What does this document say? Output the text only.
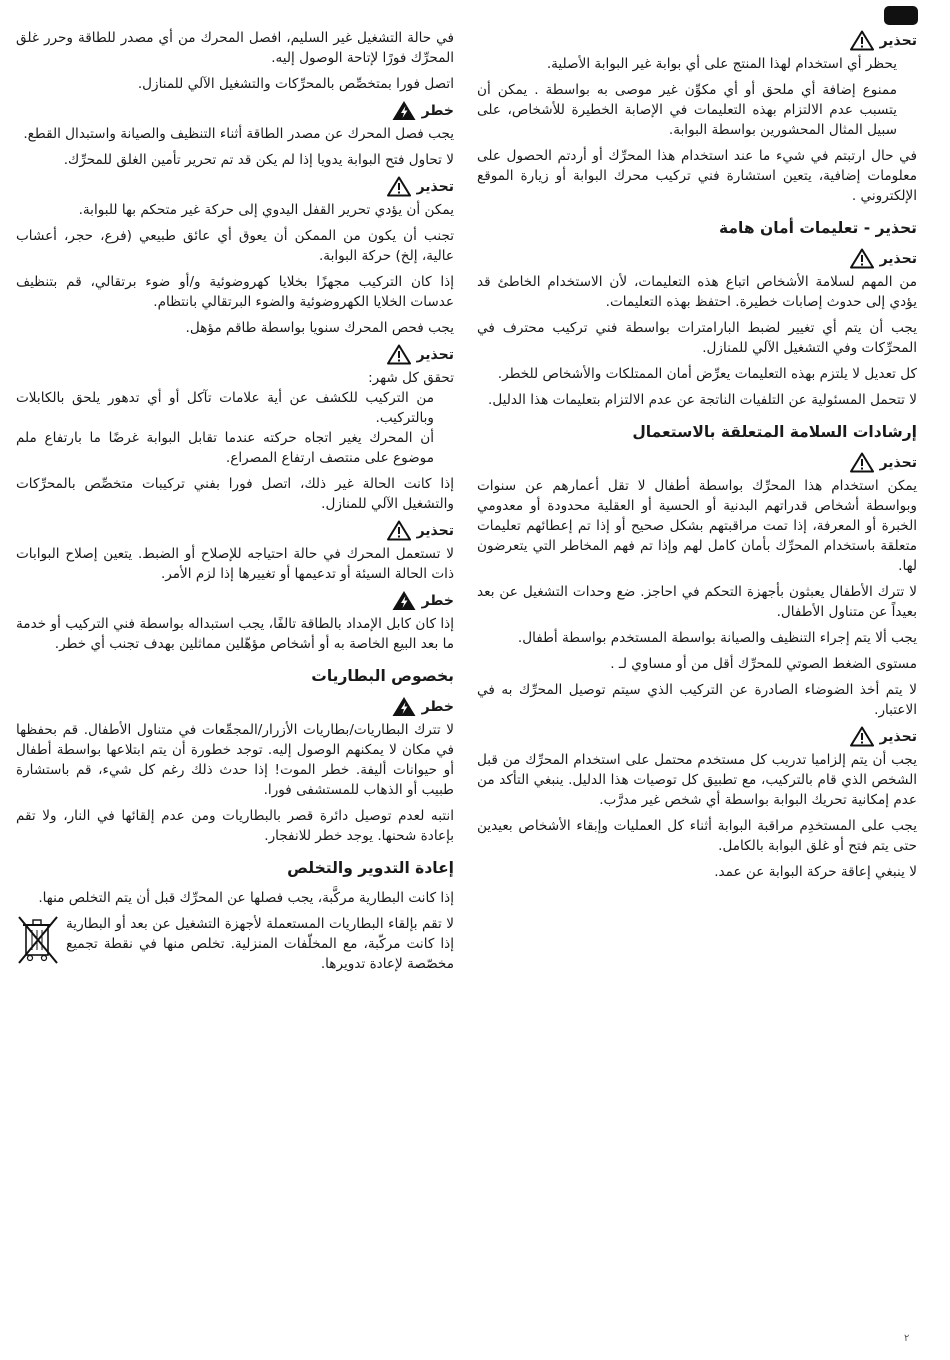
تحذير

يحظر أي استخدام لهذا المنتج على أي بوابة غير البوابة الأصلية.

ممنوع إضافة أي ملحق أو أي مكوِّن غير موصى به بواسطة . يمكن أن يتسبب عدم الالتزام بهذه التعليمات في الإصابة الخطيرة للأشخاص، على سبيل المثال المحشورين بواسطة البوابة.

في حال ارتبتم في شيء ما عند استخدام هذا المحرِّك أو أردتم الحصول على معلومات إضافية، يتعين استشارة فني تركيب محرك البوابة أو زيارة الموقع الإلكتروني .

تحذير - تعليمات أمان هامة
تحذير

من المهم لسلامة الأشخاص اتباع هذه التعليمات، لأن الاستخدام الخاطئ قد يؤدي إلى حدوث إصابات خطيرة. احتفظ بهذه التعليمات.

يجب أن يتم أي تغيير لضبط البارامترات بواسطة فني تركيب محترف في المحرِّكات وفي التشغيل الآلي للمنازل.

كل تعديل لا يلتزم بهذه التعليمات يعرِّض أمان الممتلكات والأشخاص للخطر.

لا تتحمل المسئولية عن التلفيات الناتجة عن عدم الالتزام بتعليمات هذا الدليل.

إرشادات السلامة المتعلقة بالاستعمال
تحذير

يمكن استخدام هذا المحرِّك بواسطة أطفال لا تقل أعمارهم عن سنوات وبواسطة أشخاص قدراتهم البدنية أو الحسية أو العقلية محدودة أو معدومي الخبرة أو المعرفة، إذا تمت مراقبتهم بشكل صحيح أو إذا تم إعطائهم تعليمات متعلقة باستخدام المحرِّك بأمان كامل لهم وإذا تم فهم المخاطر التي يتعرضون لها.

لا تترك الأطفال يعبثون بأجهزة التحكم في احاجز. ضع وحدات التشغيل عن بعد بعيداً عن متناول الأطفال.

يجب ألا يتم إجراء التنظيف والصيانة بواسطة المستخدم بواسطة أطفال.

مستوى الضغط الصوتي للمحرِّك أقل من أو مساوي لـ .

لا يتم أخذ الضوضاء الصادرة عن التركيب الذي سيتم توصيل المحرِّك به في الاعتبار.

تحذير

يجب أن يتم إلزاميا تدريب كل مستخدم محتمل على استخدام المحرِّك من قبل الشخص الذي قام بالتركيب، مع تطبيق كل توصيات هذا الدليل. ينبغي التأكد من عدم إمكانية تحريك البوابة بواسطة أي شخص غير مدرَّب.

يجب على المستخدِم مراقبة البوابة أثناء كل العمليات وإبقاء الأشخاص بعيدين حتى يتم فتح أو غلق البوابة بالكامل.

لا ينبغي إعاقة حركة البوابة عن عمد.

في حالة التشغيل غير السليم، افصل المحرك من أي مصدر للطاقة وحرر غلق المحرِّك فورًا لإتاحة الوصول إليه.

اتصل فورا بمتخصِّص بالمحرِّكات والتشغيل الآلي للمنازل.

خطر

يجب فصل المحرك عن مصدر الطاقة أثناء التنظيف والصيانة واستبدال القطع.

لا تحاول فتح البوابة يدويا إذا لم يكن قد تم تحرير تأمين الغلق للمحرِّك.

تحذير

يمكن أن يؤدي تحرير القفل اليدوي إلى حركة غير متحكم بها للبوابة.

تجنب أن يكون من الممكن أن يعوق أي عائق طبيعي (فرع، حجر، أعشاب عالية، إلخ) حركة البوابة.

إذا كان التركيب مجهزًا بخلايا كهروضوئية و/أو ضوء برتقالي، قم بتنظيف عدسات الخلايا الكهروضوئية والضوء البرتقالي بانتظام.

يجب فحص المحرك سنويا بواسطة طاقم مؤهل.

تحذير

تحقق كل شهر:

من التركيب للكشف عن أية علامات تآكل أو أي تدهور يلحق بالكابلات وبالتركيب.

أن المحرك يغير اتجاه حركته عندما تقابل البوابة غرضًا ما بارتفاع ملم موضوع على منتصف ارتفاع المصراع.

إذا كانت الحالة غير ذلك، اتصل فورا بفني تركيبات متخصِّص بالمحرِّكات والتشغيل الآلي للمنازل.

تحذير

لا تستعمل المحرك في حالة احتياجه للإصلاح أو الضبط. يتعين إصلاح البوابات ذات الحالة السيئة أو تدعيمها أو تغييرها إذا لزم الأمر.

خطر

إذا كان كابل الإمداد بالطاقة تالفًا، يجب استبداله بواسطة فني التركيب أو خدمة ما بعد البيع الخاصة به أو أشخاص مؤهّلين مماثلين بهدف تجنب أي خطر.

بخصوص البطاريات
خطر

لا تترك البطاريات/بطاريات الأزرار/المجمِّعات في متناول الأطفال. قم بحفظها في مكان لا يمكنهم الوصول إليه. توجد خطورة أن يتم ابتلاعها بواسطة أطفال أو حيوانات أليفة. خطر الموت! إذا حدث ذلك رغم كل شيء، قم باستشارة طبيب أو الذهاب للمستشفى فورا.

انتبه لعدم توصيل دائرة قصر بالبطاريات ومن عدم إلقائها في النار، ولا تقم بإعادة شحنها. يوجد خطر للانفجار.

إعادة التدوير والتخلص

إذا كانت البطارية مركَّبة، يجب فصلها عن المحرِّك قبل أن يتم التخلص منها.

لا تقم بإلقاء البطاريات المستعملة لأجهزة التشغيل عن بعد أو البطارية إذا كانت مركّبة، مع المخلّفات المنزلية. تخلص منها في نقطة تجميع مخصّصة لإعادة تدويرها.

٢
